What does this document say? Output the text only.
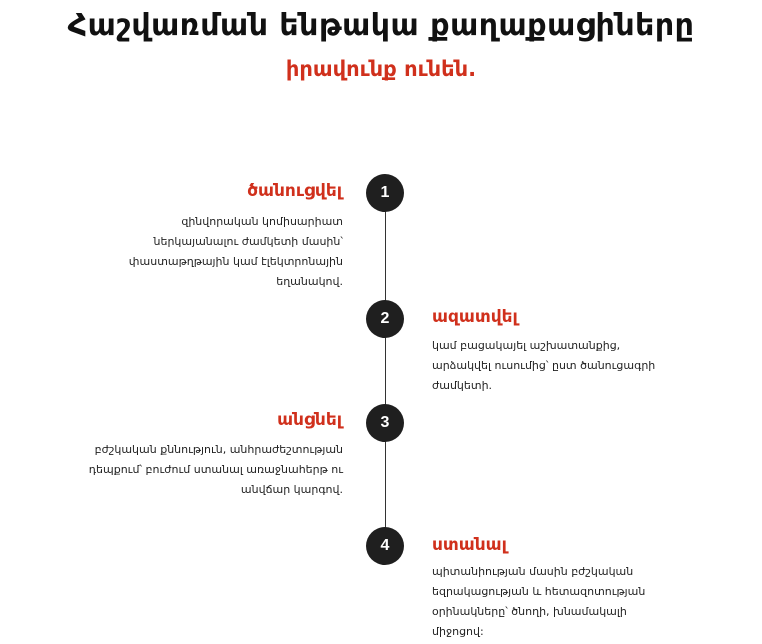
Հաշվառման ենթակա քաղաքացիները
իրավունք ունեն.
1
ծանուցվել
զինվորական կոմիսարիատ ներկայանալու ժամկետի մասին՝ փաստաթղթային կամ էլեկտրոնային եղանակով.
2	ազատվել
կամ բացակայել աշխատանքից, արձակվել ուսումից՝ ըստ ծանուցագրի ժամկետի.
3
անցնել
բժշկական քննություն, անհրաժեշտության դեպքում՝ բուժում ստանալ առաջնահերթ ու անվճար կարգով.
4	ստանալ
պիտանիության մասին բժշկական եզրակացության և հետազոտության օրինակները՝ ծնողի, խնամակալի միջոցով:
